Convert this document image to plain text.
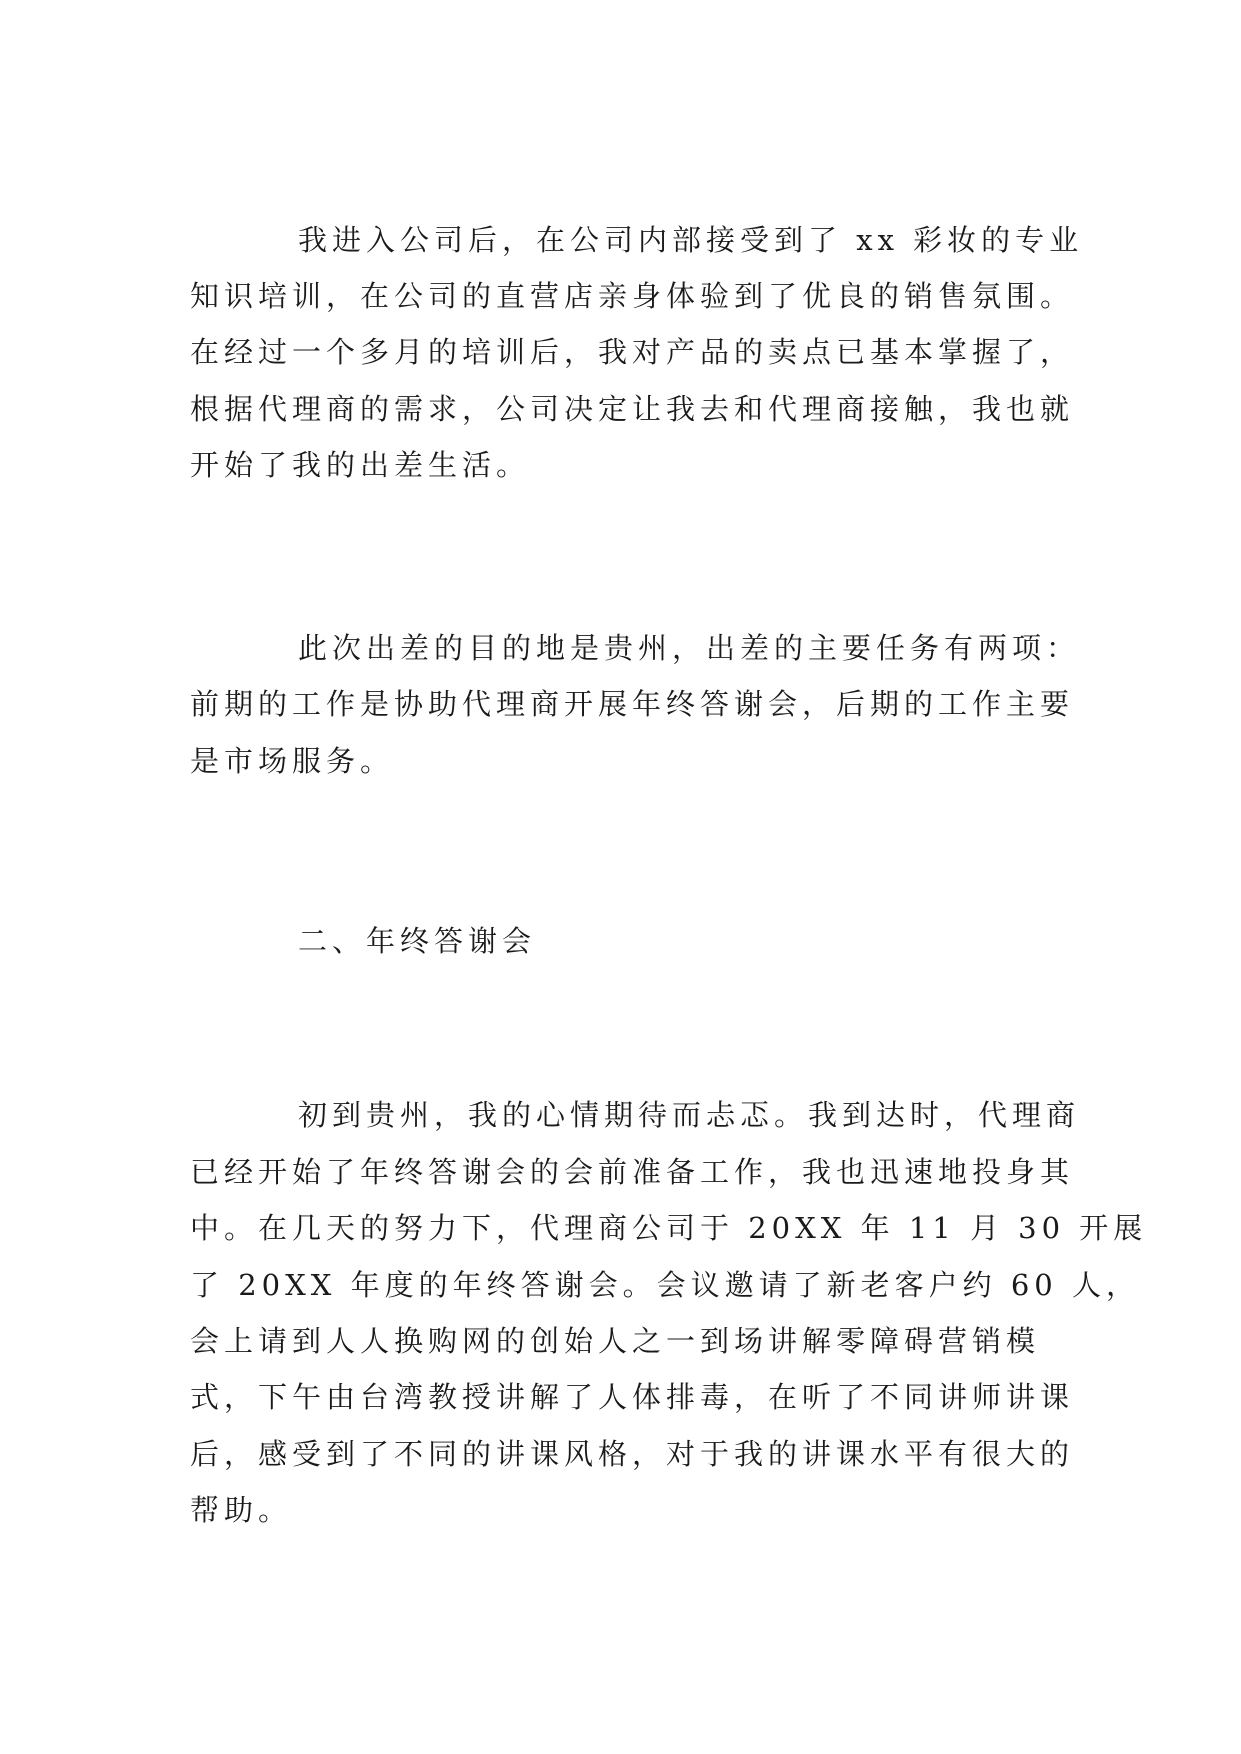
我进入公司后，在公司内部接受到了 xx 彩妆的专业
知识培训，在公司的直营店亲身体验到了优良的销售氛围。
在经过一个多月的培训后，我对产品的卖点已基本掌握了，
根据代理商的需求，公司决定让我去和代理商接触，我也就
开始了我的出差生活。
此次出差的目的地是贵州，出差的主要任务有两项：
前期的工作是协助代理商开展年终答谢会，后期的工作主要
是市场服务。
二、年终答谢会
初到贵州，我的心情期待而忐忑。我到达时，代理商
已经开始了年终答谢会的会前准备工作，我也迅速地投身其
中。在几天的努力下，代理商公司于 20XX 年 11 月 30 开展
了 20XX 年度的年终答谢会。会议邀请了新老客户约 60 人，
会上请到人人换购网的创始人之一到场讲解零障碍营销模
式，下午由台湾教授讲解了人体排毒，在听了不同讲师讲课
后，感受到了不同的讲课风格，对于我的讲课水平有很大的
帮助。
